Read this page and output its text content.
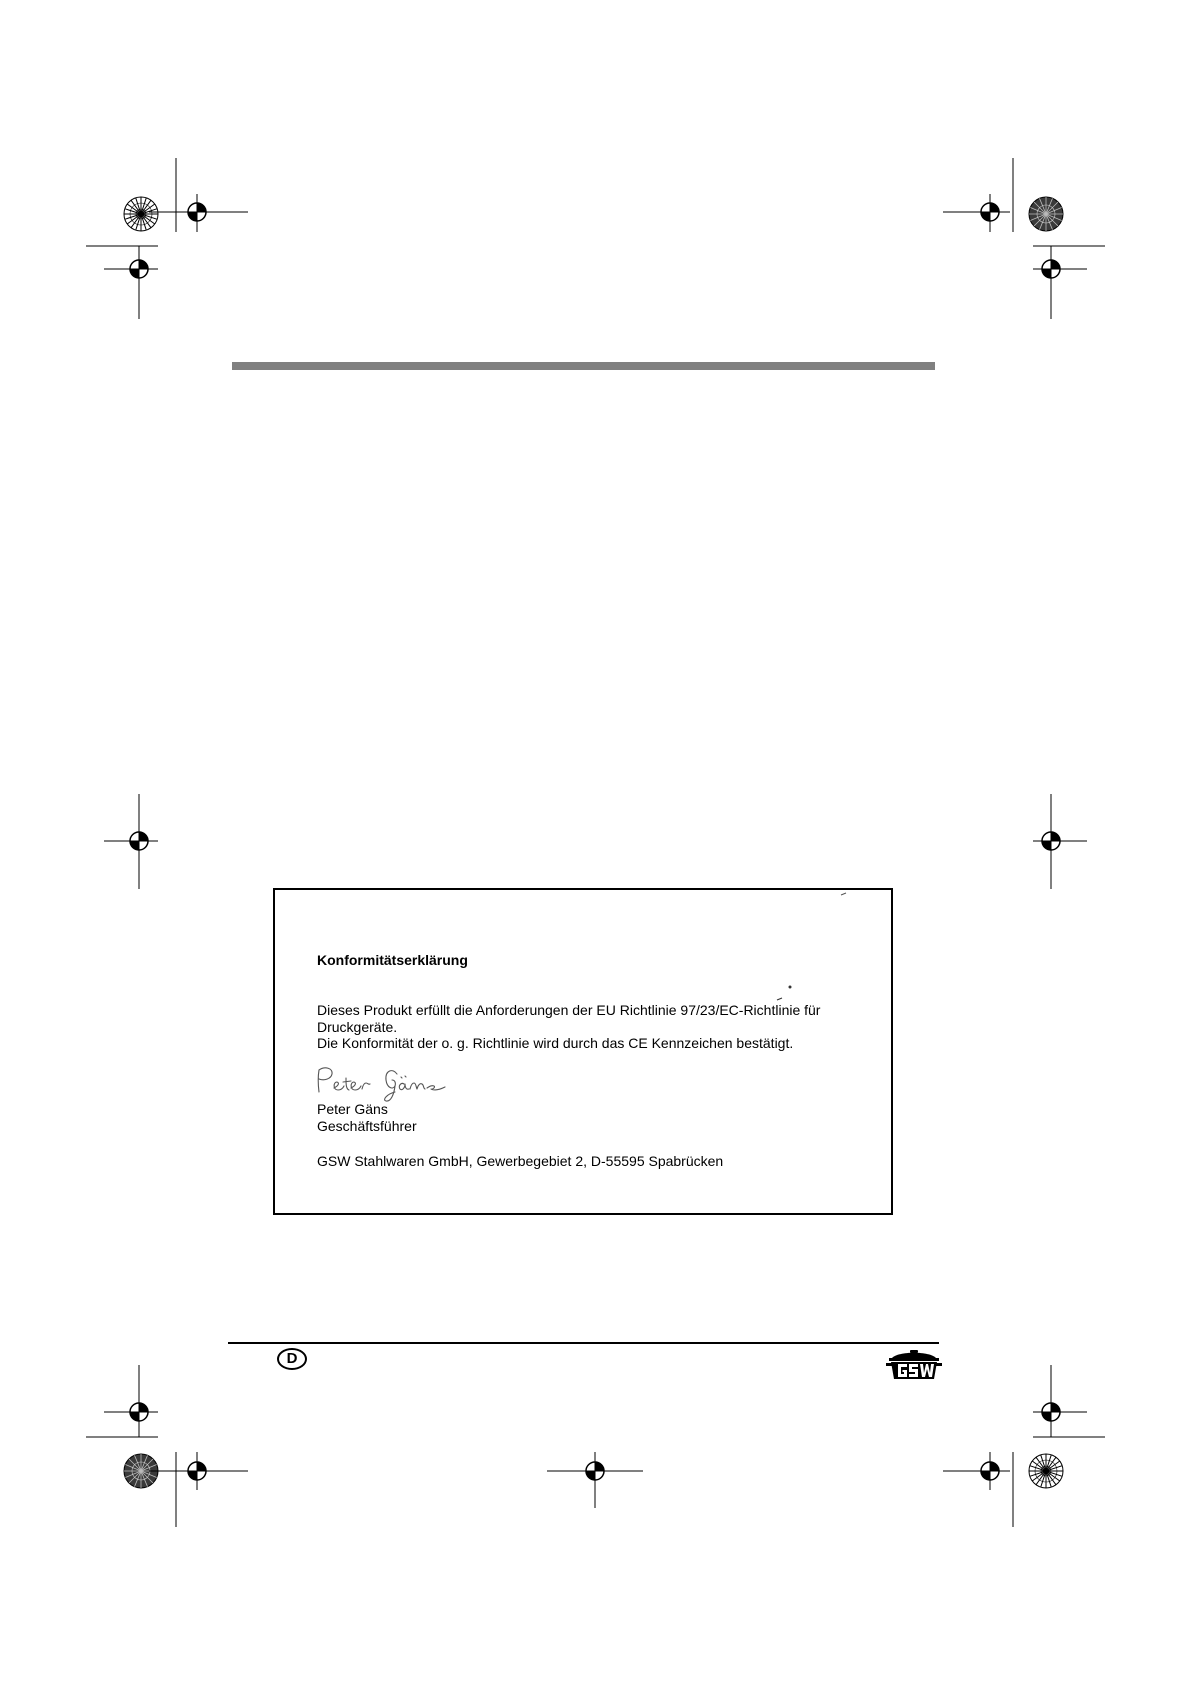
Konformitätserklärung
Dieses Produkt erfüllt die Anforderungen der EU Richtlinie 97/23/EC-Richtlinie für
Druckgeräte.
Die Konformität der o. g. Richtlinie wird durch das CE Kennzeichen bestätigt.
Peter Gäns
Geschäftsführer
GSW Stahlwaren GmbH, Gewerbegebiet 2, D-55595 Spabrücken
D
